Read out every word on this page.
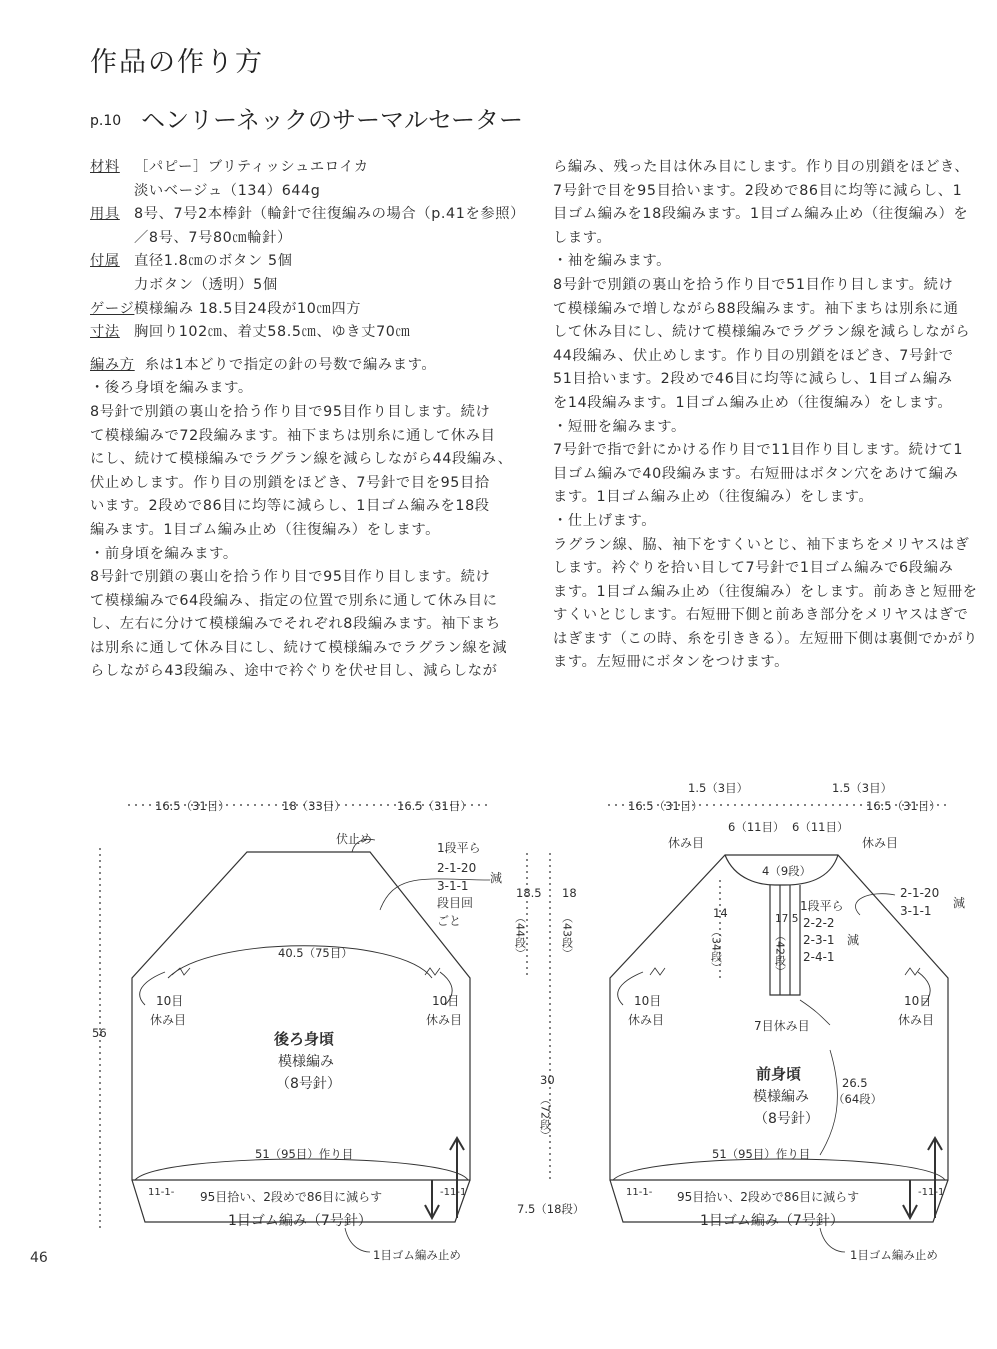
作品の作り方
p.10 ヘンリーネックのサーマルセーター
材料 ［パピー］ブリティッシュエロイカ
淡いベージュ（134）644g
用具 8号、7号2本棒針（輪針で往復編みの場合（p.41を参照）
／8号、7号80㎝輪針）
付属 直径1.8㎝のボタン 5個
力ボタン（透明）5個
ゲージ模様編み 18.5目24段が10㎝四方
寸法 胸回り102㎝、着丈58.5㎝、ゆき丈70㎝
編み方 糸は1本どりで指定の針の号数で編みます。
・後ろ身頃を編みます。
8号針で別鎖の裏山を拾う作り目で95目作り目します。続け
て模様編みで72段編みます。袖下まちは別糸に通して休み目
にし、続けて模様編みでラグラン線を減らしながら44段編み、
伏止めします。作り目の別鎖をほどき、7号針で目を95目拾
います。2段めで86目に均等に減らし、1目ゴム編みを18段
編みます。1目ゴム編み止め（往復編み）をします。
・前身頃を編みます。
8号針で別鎖の裏山を拾う作り目で95目作り目します。続け
て模様編みで64段編み、指定の位置で別糸に通して休み目に
し、左右に分けて模様編みでそれぞれ8段編みます。袖下まち
は別糸に通して休み目にし、続けて模様編みでラグラン線を減
らしながら43段編み、途中で衿ぐりを伏せ目し、減らしなが
ら編み、残った目は休み目にします。作り目の別鎖をほどき、
7号針で目を95目拾います。2段めで86目に均等に減らし、1
目ゴム編みを18段編みます。1目ゴム編み止め（往復編み）を
します。
・袖を編みます。
8号針で別鎖の裏山を拾う作り目で51目作り目します。続け
て模様編みで増しながら88段編みます。袖下まちは別糸に通
して休み目にし、続けて模様編みでラグラン線を減らしながら
44段編み、伏止めします。作り目の別鎖をほどき、7号針で
51目拾います。2段めで46目に均等に減らし、1目ゴム編み
を14段編みます。1目ゴム編み止め（往復編み）をします。
・短冊を編みます。
7号針で指で針にかける作り目で11目作り目します。続けて1
目ゴム編みで40段編みます。右短冊はボタン穴をあけて編み
ます。1目ゴム編み止め（往復編み）をします。
・仕上げます。
ラグラン線、脇、袖下をすくいとじ、袖下まちをメリヤスはぎ
します。衿ぐりを拾い目して7号針で1目ゴム編みで6段編み
ます。1目ゴム編み止め（往復編み）をします。前あきと短冊を
すくいとじします。右短冊下側と前あき部分をメリヤスはぎで
はぎます（この時、糸を引ききる）。左短冊下側は裏側でかがり
ます。左短冊にボタンをつけます。
16.5（31目）	18（33目）	16.5（31目）
伏止め
1段平ら
2-1-20
3-1-1
段目回
ごと
減
18.5
（44段）
18
（43段）
40.5（75目）
10目
休み目
10目
休み目
56	後ろ身頃
模様編み
（8号針）	30
（72段）
51（95目）作り目
11-1- 95目拾い、2段めで86目に減らす	-11-1
1目ゴム編み（7号針）
7.5（18段）
1目ゴム編み止め
1.5（3目）	1.5（3目）
16.5（31目）	16.5（31目）
6（11目） 6（11目）
休み目	休み目
4（9段）
14
（34段）
17.5
（42段）
1段平ら
2-2-2
2-3-1
2-4-1
減
2-1-20
3-1-1
減
10目
休み目	7目休み目
10目
休み目
26.5
（64段）
前身頃
模様編み
（8号針）
51（95目）作り目
11-1- 95目拾い、2段めで86目に減らす	-11-1
1目ゴム編み（7号針）
1目ゴム編み止め
46
